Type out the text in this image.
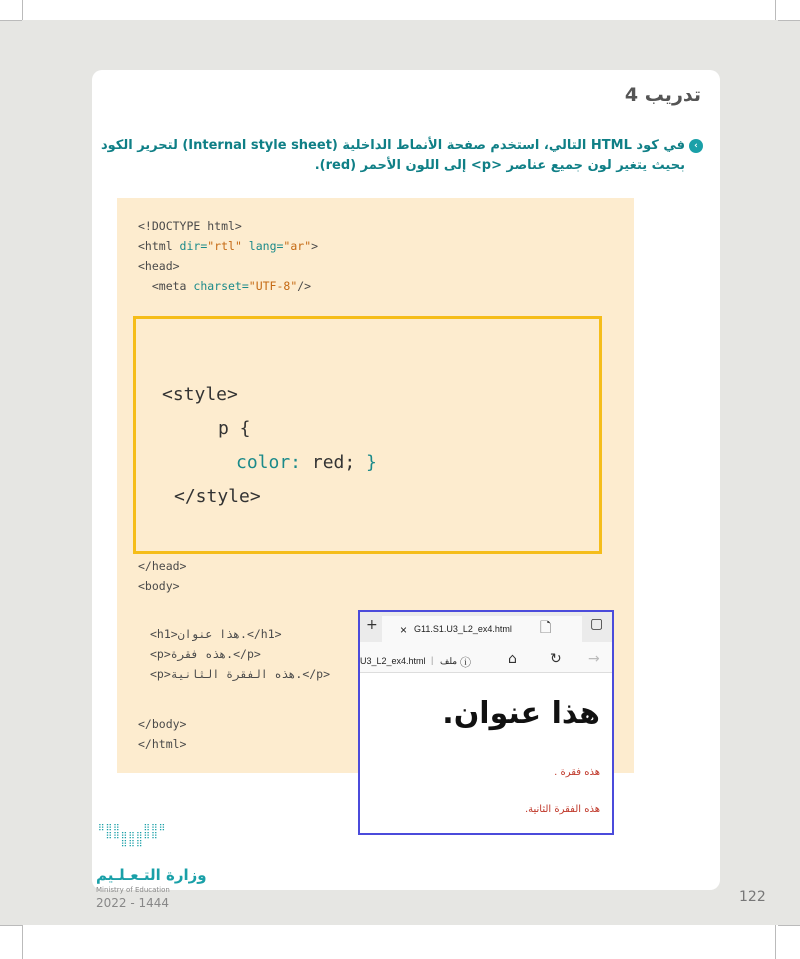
تدريب 4
›في كود HTML التالي، استخدم صفحة الأنماط الداخلية (Internal style sheet) لتحرير الكود
بحيث يتغير لون جميع عناصر <p> إلى اللون الأحمر (red).
<!DOCTYPE html>
<html dir="rtl" lang="ar">
<head>
<meta charset="UTF-8"/>
<style>
p {
color: red; }
</style>
</head>
<body>
<h1>هذا عنوان.</h1>
<p>هذه فقرة.</p>
<p>هذه الفقرة الثانية.</p>
</body>
</html>
+ × G11.S1.U3_L2_ex4.html 🗋	▢
U3_L2_ex4.html | ملف ⓘ	⌂ ↻ →
هذا عنوان.
هذه فقرة .
هذه الفقرة الثانية.
⠿⠿⠿⠀⠀⠀⠿⠿⠿
⠀⠿⠿⠿⠿⠿⠿⠿
⠀⠀⠀⠿⠿⠿
وزارة التـعـلـيم
Ministry of Education
2022 - 1444	122
